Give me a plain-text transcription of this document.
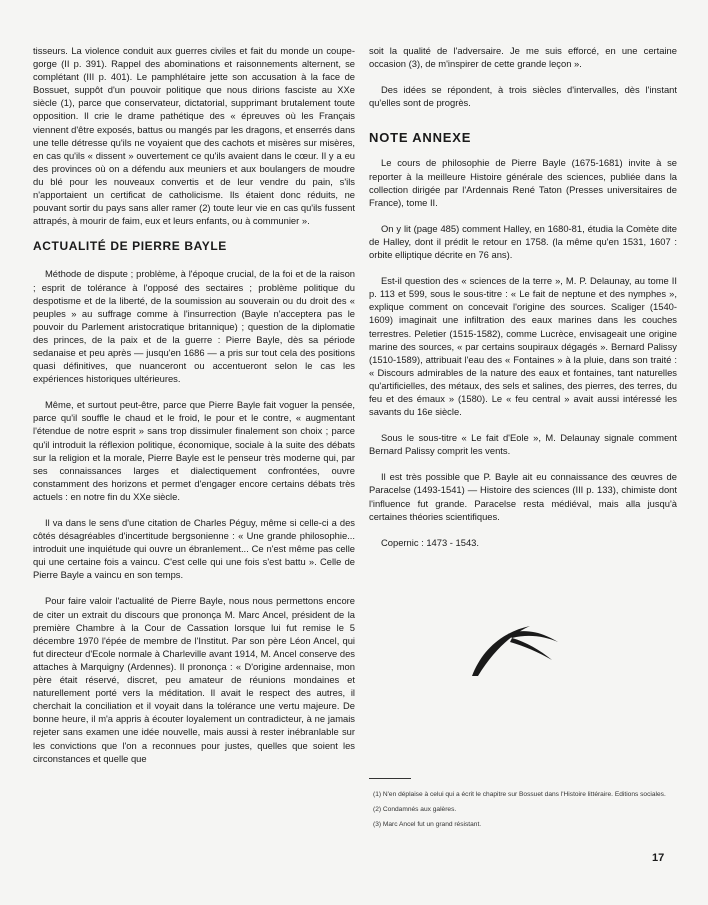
tisseurs. La violence conduit aux guerres civiles et fait du monde un coupe-gorge (II p. 391). Rappel des abominations et raisonnements alternent, se complétant (III p. 401). Le pamphlétaire jette son accusation à la face de Bossuet, suppôt d'un pouvoir politique que nous dirions fasciste au XXe siècle (1), parce que conservateur, dictatorial, supprimant brutalement toute opposition. Il crie le drame pathétique des « épreuves où les Français viennent d'être exposés, battus ou mangés par les dragons, et enserrés dans une telle détresse qu'ils ne voyaient que des cachots et misères sur misères, en cas qu'ils « dissent » ouvertement ce qu'ils avaient dans le cœur. Il y a eu des provinces où on a défendu aux meuniers et aux boulangers de moudre du blé pour les nouveaux convertis et de leur vendre du pain, s'ils n'apportaient un certificat de catholicisme. Ils étaient donc réduits, ne pouvant sortir du pays sans aller ramer (2) toute leur vie en cas qu'ils fussent attrapés, à mourir de faim, eux et leurs enfants, ou à communier ».

ACTUALITÉ DE PIERRE BAYLE

Méthode de dispute ; problème, à l'époque crucial, de la foi et de la raison ; esprit de tolérance à l'opposé des sectaires ; problème politique du despotisme et de la liberté, de la soumission au souverain ou du droit des « peuples » au suffrage comme à l'insurrection (Bayle n'acceptera pas le pouvoir du Parlement aristocratique britannique) ; question de la diplomatie des princes, de la paix et de la guerre : Pierre Bayle, dès sa période sedanaise et peu après — jusqu'en 1686 — a pris sur tout cela des positions quasi définitives, que nuanceront ou accentueront selon le cas les expériences historiques ultérieures.

Même, et surtout peut-être, parce que Pierre Bayle fait voguer la pensée, parce qu'il souffle le chaud et le froid, le pour et le contre, « augmentant l'étendue de notre esprit » sans trop dissimuler finalement son choix ; parce qu'il introduit la réflexion politique, économique, sociale à la suite des débats sur la religion et la morale, Pierre Bayle est le penseur très moderne qui, par ses connaissances larges et dialectiquement confrontées, ouvre constamment des horizons et permet d'engager encore certains débats très actuels : en notre fin du XXe siècle.

Il va dans le sens d'une citation de Charles Péguy, même si celle-ci a des côtés désagréables d'incertitude bergsonienne : « Une grande philosophie... introduit une inquiétude qui ouvre un ébranlement... Ce n'est même pas celle qui une certaine fois a vaincu. C'est celle qui une fois s'est battu ». Celle de Pierre Bayle a vaincu en son temps.

Pour faire valoir l'actualité de Pierre Bayle, nous nous permettons encore de citer un extrait du discours que prononça M. Marc Ancel, président de la première Chambre à la Cour de Cassation lorsque lui fut remise le 5 décembre 1970 l'épée de membre de l'Institut. Par son père Léon Ancel, qui fut directeur d'Ecole normale à Charleville avant 1914, M. Ancel conserve des attaches à Marquigny (Ardennes). Il prononça : « D'origine ardennaise, mon père était réservé, discret, peu amateur de réunions mondaines et naturellement porté vers la méditation. Il avait le respect des autres, il cherchait la conciliation et il voyait dans la tolérance une vertu majeure. De bonne heure, il m'a appris à écouter loyalement un contradicteur, à ne jamais rejeter sans examen une idée nouvelle, mais aussi à rester inébranlable sur les convictions que l'on a reconnues pour justes, quelles que soient les circonstances et quelle que

soit la qualité de l'adversaire. Je me suis efforcé, en une certaine occasion (3), de m'inspirer de cette grande leçon ».

Des idées se répondent, à trois siècles d'intervalles, dès l'instant qu'elles sont de progrès.

NOTE ANNEXE

Le cours de philosophie de Pierre Bayle (1675-1681) invite à se reporter à la meilleure Histoire générale des sciences, publiée dans la collection dirigée par l'Ardennais René Taton (Presses universitaires de France), tome II.

On y lit (page 485) comment Halley, en 1680-81, étudia la Comète dite de Halley, dont il prédit le retour en 1758. (la même qu'en 1531, 1607 : orbite elliptique décrite en 76 ans).

Est-il question des « sciences de la terre », M. P. Delaunay, au tome II p. 113 et 599, sous le sous-titre : « Le fait de neptune et des nymphes », explique comment on concevait l'origine des sources. Scaliger (1540-1609) imaginait une infiltration des eaux marines dans les couches terrestres. Peletier (1515-1582), comme Lucrèce, envisageait une origine marine des sources, « par certains soupiraux dégagés ». Bernard Palissy (1510-1589), attribuait l'eau des « Fontaines » à la pluie, dans son traité : « Discours admirables de la nature des eaux et fontaines, tant naturelles qu'artificielles, des métaux, des sels et salines, des pierres, des terres, du feu et des émaux » (1580). Le « feu central » avait aussi intéressé les savants du 16e siècle.

Sous le sous-titre « Le fait d'Eole », M. Delaunay signale comment Bernard Palissy comprit les vents.

Il est très possible que P. Bayle ait eu connaissance des œuvres de Paracelse (1493-1541) — Histoire des sciences (III p. 133), chimiste dont l'influence fut grande. Paracelse resta médiéval, mais alla jusqu'à certaines théories scientifiques.

Copernic : 1473 - 1543.

(1) N'en déplaise à celui qui a écrit le chapitre sur Bossuet dans l'Histoire littéraire. Editions sociales.
(2) Condamnés aux galères.
(3) Marc Ancel fut un grand résistant.
17
